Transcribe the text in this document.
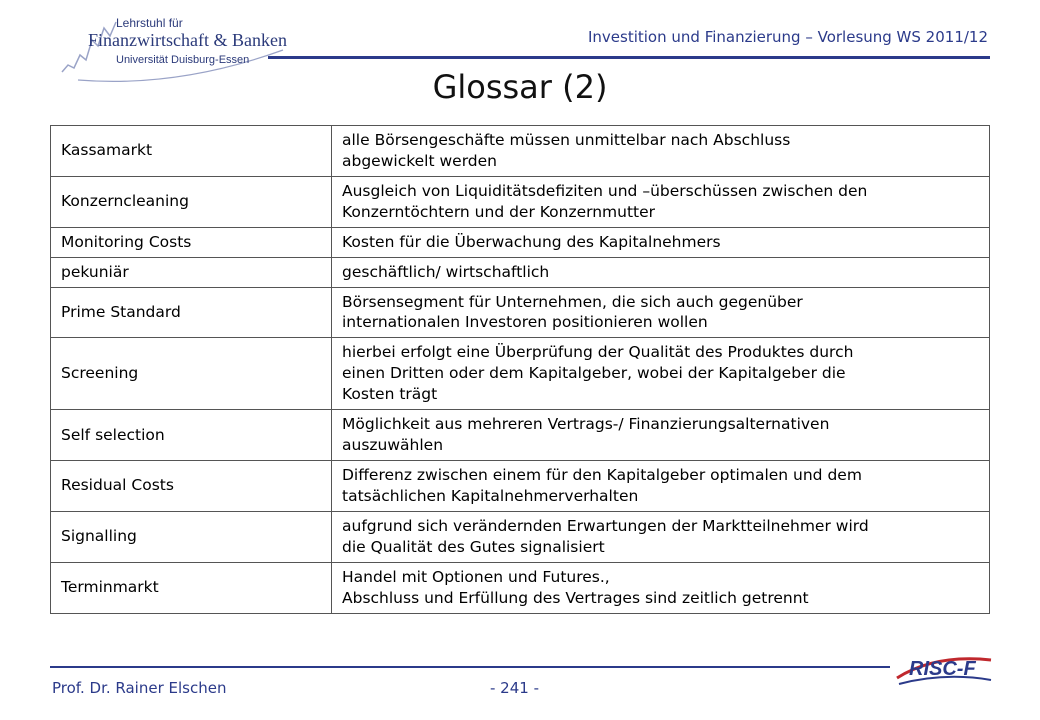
Lehrstuhl für
Finanzwirtschaft & Banken
Universität Duisburg-Essen
Investition und Finanzierung – Vorlesung WS 2011/12
Glossar (2)
Kassamarkt	alle Börsengeschäfte müssen unmittelbar nach Abschluss
abgewickelt werden

Konzerncleaning	Ausgleich von Liquiditätsdefiziten und –überschüssen zwischen den
Konzerntöchtern und der Konzernmutter

Monitoring Costs	Kosten für die Überwachung des Kapitalnehmers

pekuniär	geschäftlich/ wirtschaftlich

Prime Standard	Börsensegment für Unternehmen, die sich auch gegenüber
internationalen Investoren positionieren wollen

Screening	hierbei erfolgt eine Überprüfung der Qualität des Produktes durch
einen Dritten oder dem Kapitalgeber, wobei der Kapitalgeber die
Kosten trägt

Self selection	Möglichkeit aus mehreren Vertrags-/ Finanzierungsalternativen
auszuwählen

Residual Costs	Differenz zwischen einem für den Kapitalgeber optimalen und dem
tatsächlichen Kapitalnehmerverhalten

Signalling	aufgrund sich verändernden Erwartungen der Marktteilnehmer wird
die Qualität des Gutes signalisiert

Terminmarkt	Handel mit Optionen und Futures.,
Abschluss und Erfüllung des Vertrages sind zeitlich getrennt
Prof. Dr. Rainer Elschen	- 241 -
RISC-F
